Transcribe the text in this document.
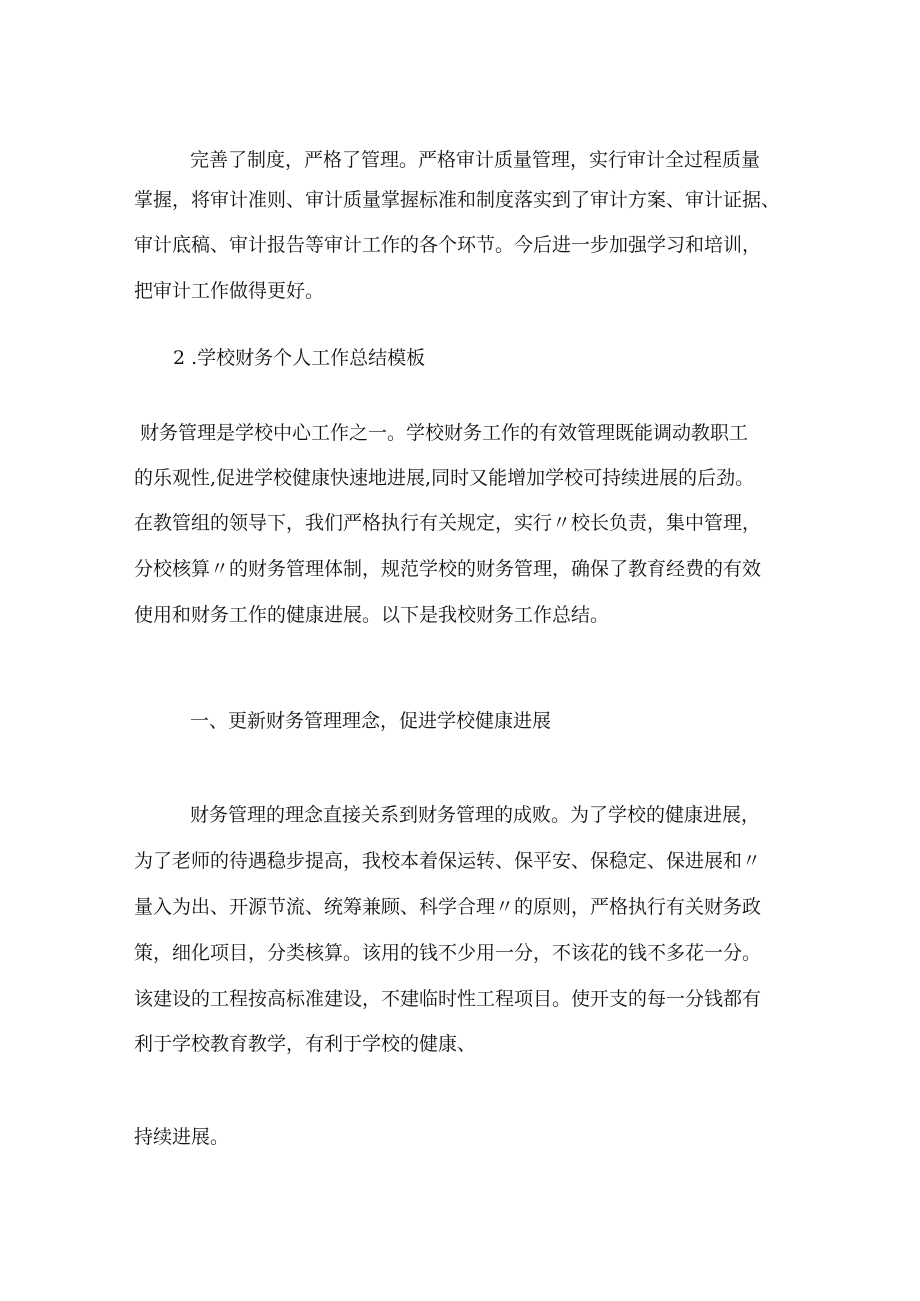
完善了制度，严格了管理。严格审计质量管理，实行审计全过程质量

掌握，将审计准则、审计质量掌握标准和制度落实到了审计方案、审计证据、

审计底稿、审计报告等审计工作的各个环节。今后进一步加强学习和培训，

把审计工作做得更好。

2 .学校财务个人工作总结模板

财务管理是学校中心工作之一。学校财务工作的有效管理既能调动教职工

的乐观性,促进学校健康快速地进展,同时又能增加学校可持续进展的后劲。

在教管组的领导下，我们严格执行有关规定，实行〃校长负责，集中管理，

分校核算〃的财务管理体制，规范学校的财务管理，确保了教育经费的有效

使用和财务工作的健康进展。以下是我校财务工作总结。

一、更新财务管理理念，促进学校健康进展

财务管理的理念直接关系到财务管理的成败。为了学校的健康进展，

为了老师的待遇稳步提高，我校本着保运转、保平安、保稳定、保进展和〃

量入为出、开源节流、统筹兼顾、科学合理〃的原则，严格执行有关财务政

策，细化项目，分类核算。该用的钱不少用一分，不该花的钱不多花一分。

该建设的工程按高标准建设，不建临时性工程项目。使开支的每一分钱都有

利于学校教育教学，有利于学校的健康、

持续进展。
